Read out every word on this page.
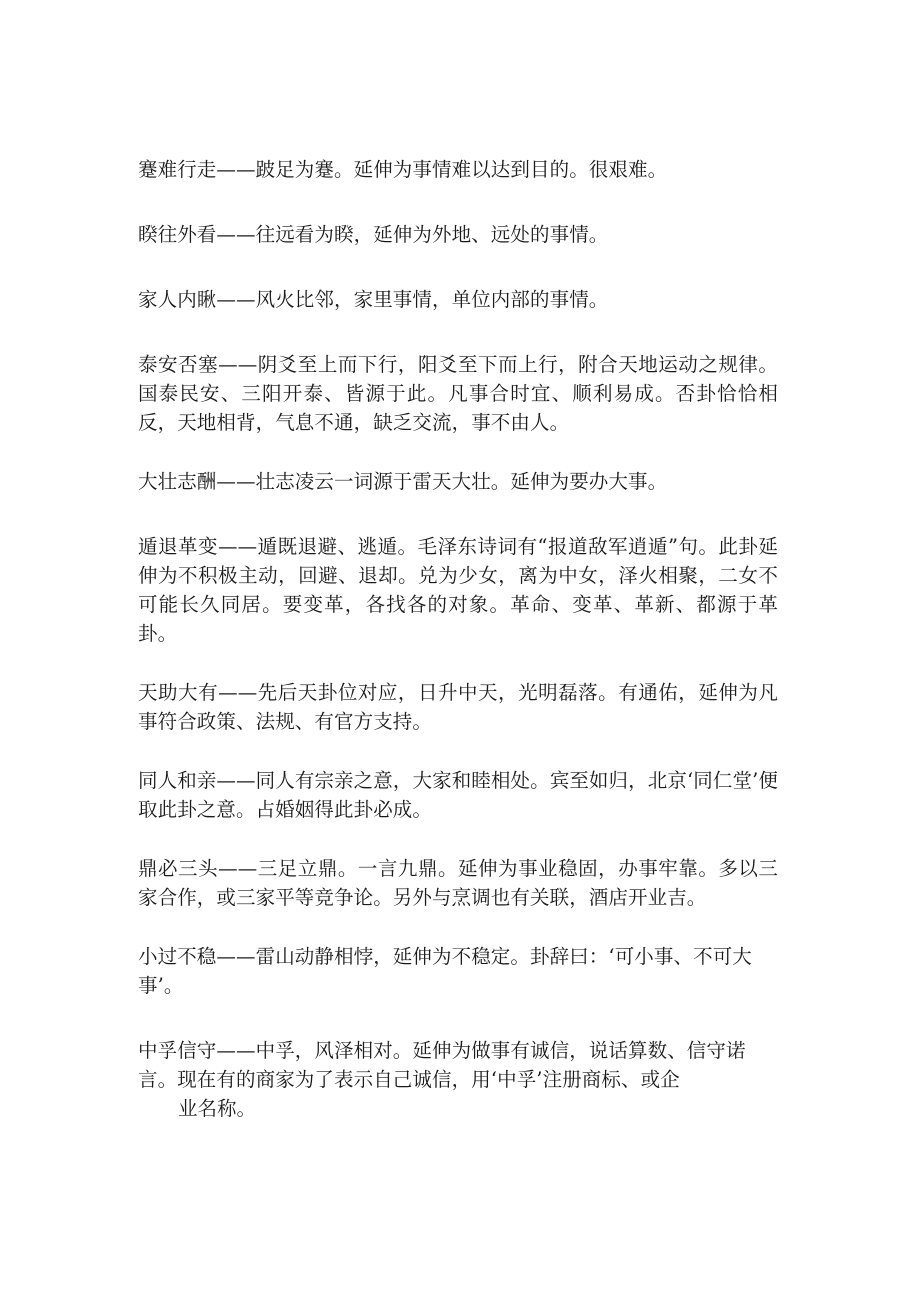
蹇难行走——跛足为蹇。延伸为事情难以达到目的。很艰难。

睽往外看——往远看为睽，延伸为外地、远处的事情。

家人内瞅——风火比邻，家里事情，单位内部的事情。

泰安否塞——阴爻至上而下行，阳爻至下而上行，附合天地运动之规律。国泰民安、三阳开泰、皆源于此。凡事合时宜、顺利易成。否卦恰恰相反，天地相背，气息不通，缺乏交流，事不由人。

大壮志酬——壮志凌云一词源于雷天大壮。延伸为要办大事。

遁退革变——遁既退避、逃遁。毛泽东诗词有“报道敌军逍遁”句。此卦延伸为不积极主动，回避、退却。兑为少女，离为中女，泽火相聚，二女不可能长久同居。要变革，各找各的对象。革命、变革、革新、都源于革卦。

天助大有——先后天卦位对应，日升中天，光明磊落。有通佑，延伸为凡事符合政策、法规、有官方支持。

同人和亲——同人有宗亲之意，大家和睦相处。宾至如归，北京‘同仁堂’便取此卦之意。占婚姻得此卦必成。

鼎必三头——三足立鼎。一言九鼎。延伸为事业稳固，办事牢靠。多以三家合作，或三家平等竞争论。另外与烹调也有关联，酒店开业吉。

小过不稳——雷山动静相悖，延伸为不稳定。卦辞曰：‘可小事、不可大事’。

中孚信守——中孚，风泽相对。延伸为做事有诚信，说话算数、信守诺言。现在有的商家为了表示自己诚信，用‘中孚’注册商标、或企

业名称。
